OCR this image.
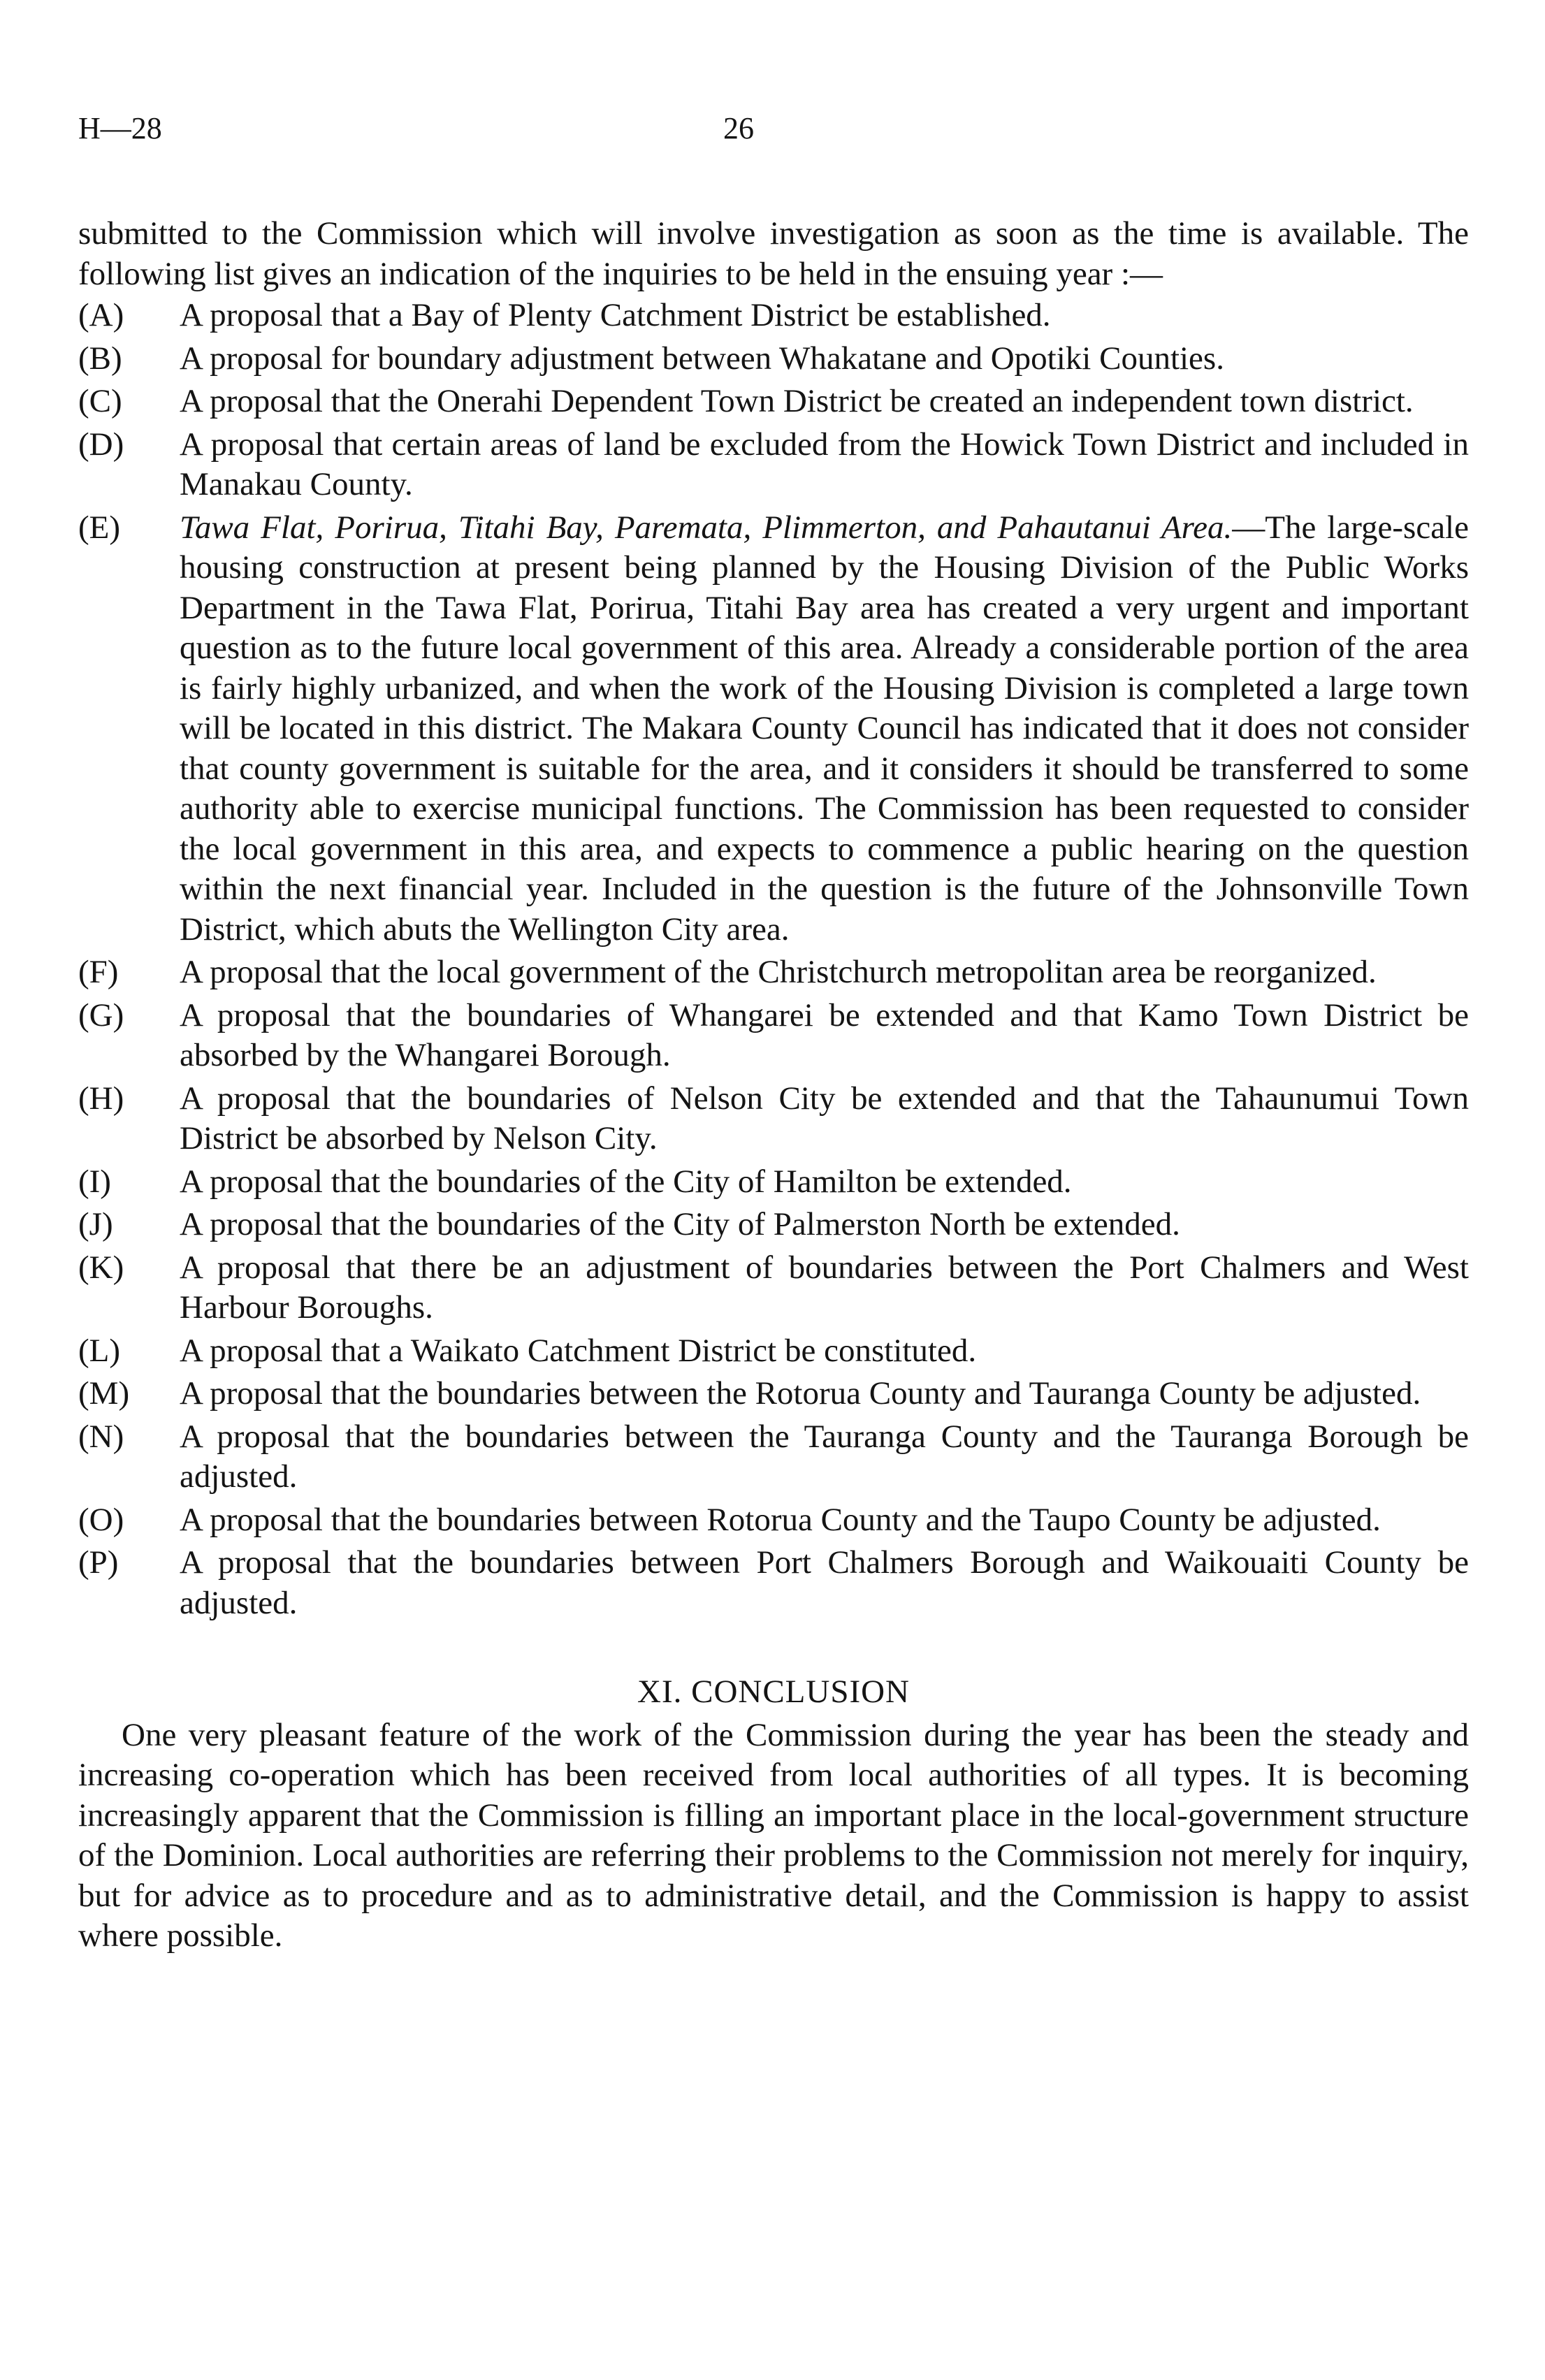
H—28	26

submitted to the Commission which will involve investigation as soon as the time is available. The following list gives an indication of the inquiries to be held in the ensuing year :—

(A)	A proposal that a Bay of Plenty Catchment District be established.
(B)	A proposal for boundary adjustment between Whakatane and Opotiki Counties.
(C)	A proposal that the Onerahi Dependent Town District be created an independent town district.
(D)	A proposal that certain areas of land be excluded from the Howick Town District and included in Manakau County.
(E)	Tawa Flat, Porirua, Titahi Bay, Paremata, Plimmerton, and Pahautanui Area.—The large-scale housing construction at present being planned by the Housing Division of the Public Works Department in the Tawa Flat, Porirua, Titahi Bay area has created a very urgent and important question as to the future local government of this area. Already a considerable portion of the area is fairly highly urbanized, and when the work of the Housing Division is completed a large town will be located in this district. The Makara County Council has indicated that it does not consider that county government is suitable for the area, and it considers it should be transferred to some authority able to exercise municipal functions. The Commission has been requested to consider the local government in this area, and expects to commence a public hearing on the question within the next financial year. Included in the question is the future of the Johnsonville Town District, which abuts the Wellington City area.
(F)	A proposal that the local government of the Christchurch metropolitan area be reorganized.
(G)	A proposal that the boundaries of Whangarei be extended and that Kamo Town District be absorbed by the Whangarei Borough.
(H)	A proposal that the boundaries of Nelson City be extended and that the Tahaunumui Town District be absorbed by Nelson City.
(I)	A proposal that the boundaries of the City of Hamilton be extended.
(J)	A proposal that the boundaries of the City of Palmerston North be extended.
(K)	A proposal that there be an adjustment of boundaries between the Port Chalmers and West Harbour Boroughs.
(L)	A proposal that a Waikato Catchment District be constituted.
(M)	A proposal that the boundaries between the Rotorua County and Tauranga County be adjusted.
(N)	A proposal that the boundaries between the Tauranga County and the Tauranga Borough be adjusted.
(O)	A proposal that the boundaries between Rotorua County and the Taupo County be adjusted.
(P)	A proposal that the boundaries between Port Chalmers Borough and Waikouaiti County be adjusted.
XI. CONCLUSION

One very pleasant feature of the work of the Commission during the year has been the steady and increasing co-operation which has been received from local authorities of all types. It is becoming increasingly apparent that the Commission is filling an important place in the local-government structure of the Dominion. Local authorities are referring their problems to the Commission not merely for inquiry, but for advice as to procedure and as to administrative detail, and the Commission is happy to assist where possible.
